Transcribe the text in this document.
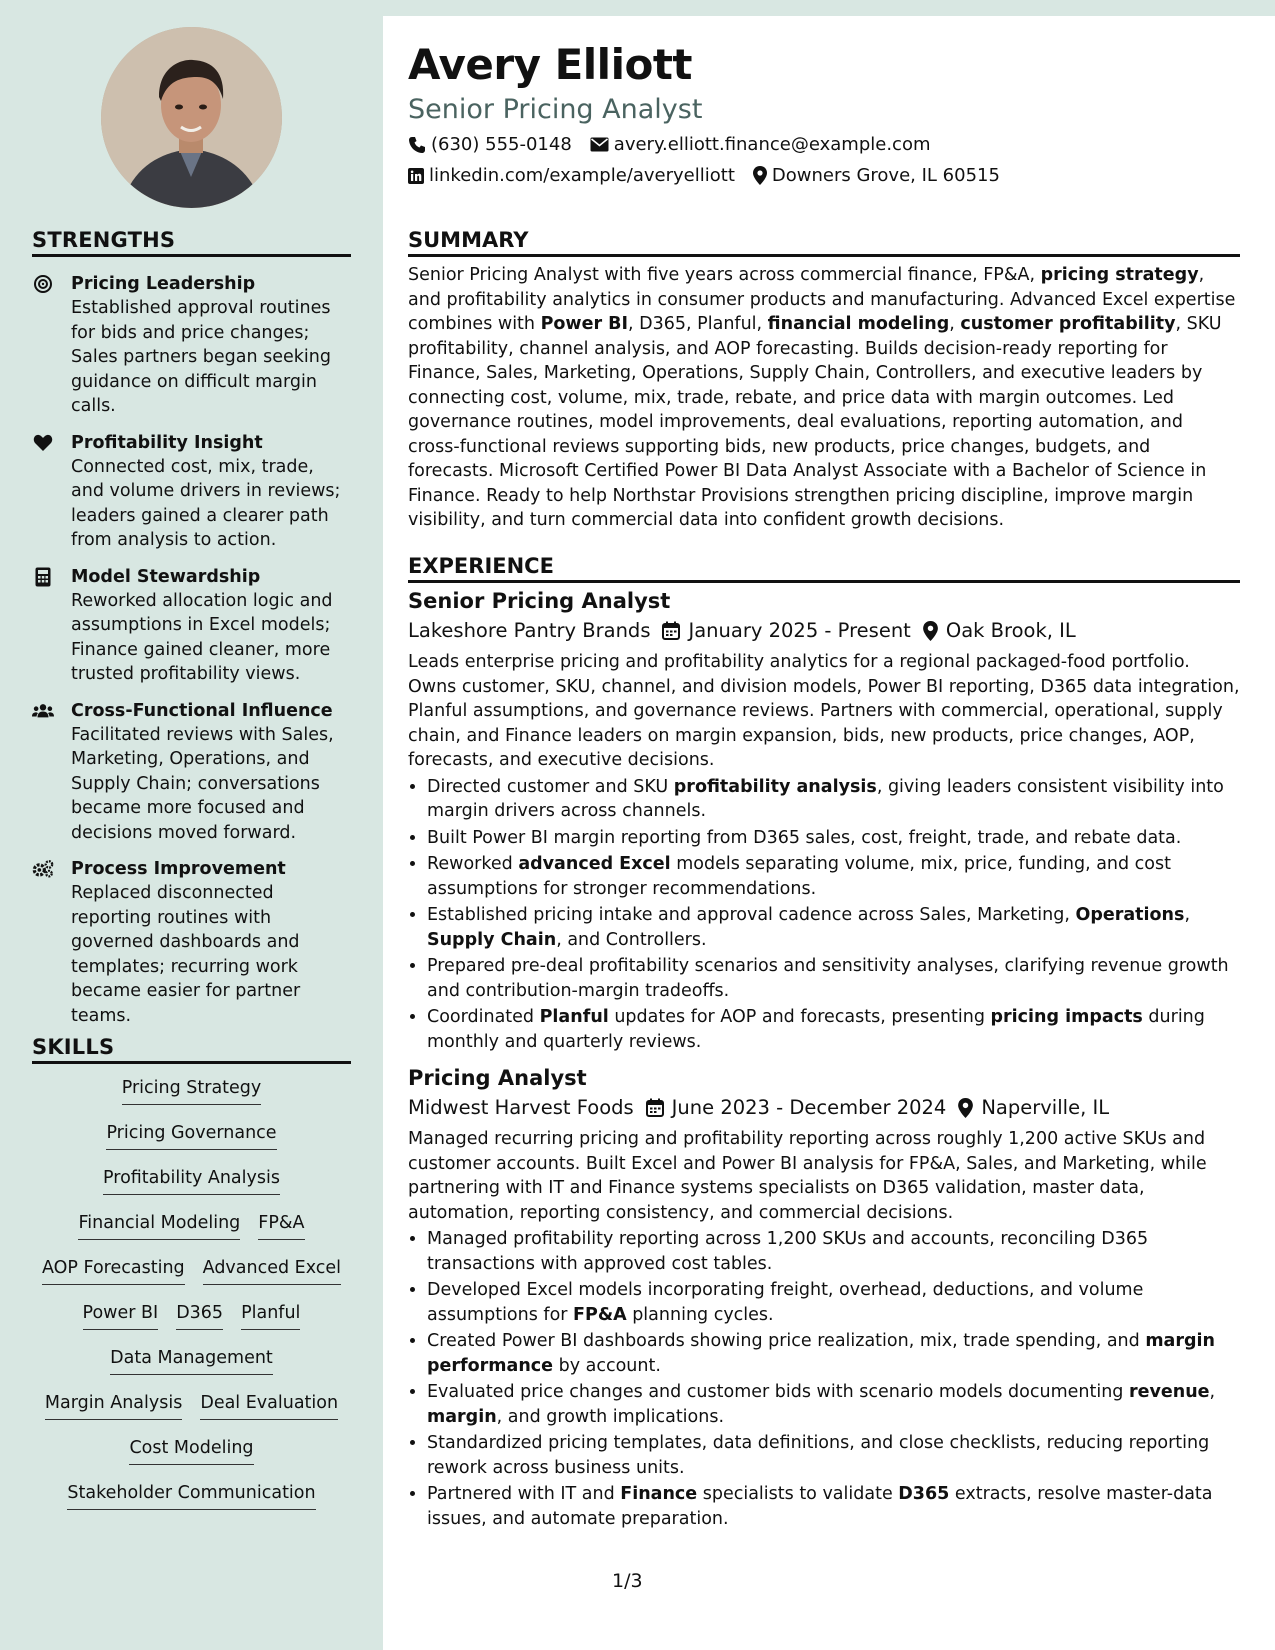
STRENGTHS
Pricing Leadership
Established approval routines for bids and price changes; Sales partners began seeking guidance on difficult margin calls.
Profitability Insight
Connected cost, mix, trade, and volume drivers in reviews; leaders gained a clearer path from analysis to action.
Model Stewardship
Reworked allocation logic and assumptions in Excel models; Finance gained cleaner, more trusted profitability views.
Cross-Functional Influence
Facilitated reviews with Sales, Marketing, Operations, and Supply Chain; conversations became more focused and decisions moved forward.
Process Improvement
Replaced disconnected reporting routines with governed dashboards and templates; recurring work became easier for partner teams.
SKILLS
Pricing Strategy
Pricing Governance
Profitability Analysis
Financial Modeling FP&A
AOP Forecasting Advanced Excel
Power BI D365 Planful
Data Management
Margin Analysis Deal Evaluation
Cost Modeling
Stakeholder Communication
Avery Elliott
Senior Pricing Analyst
(630) 555-0148 avery.elliott.finance@example.com
linkedin.com/example/averyelliott Downers Grove, IL 60515
SUMMARY

Senior Pricing Analyst with five years across commercial finance, FP&A, pricing strategy, and profitability analytics in consumer products and manufacturing. Advanced Excel expertise combines with Power BI, D365, Planful, financial modeling, customer profitability, SKU profitability, channel analysis, and AOP forecasting. Builds decision-ready reporting for Finance, Sales, Marketing, Operations, Supply Chain, Controllers, and executive leaders by connecting cost, volume, mix, trade, rebate, and price data with margin outcomes. Led governance routines, model improvements, deal evaluations, reporting automation, and cross-functional reviews supporting bids, new products, price changes, budgets, and forecasts. Microsoft Certified Power BI Data Analyst Associate with a Bachelor of Science in Finance. Ready to help Northstar Provisions strengthen pricing discipline, improve margin visibility, and turn commercial data into confident growth decisions.

EXPERIENCE
Senior Pricing Analyst
Lakeshore Pantry Brands January 2025 - Present Oak Brook, IL

Leads enterprise pricing and profitability analytics for a regional packaged-food portfolio. Owns customer, SKU, channel, and division models, Power BI reporting, D365 data integration, Planful assumptions, and governance reviews. Partners with commercial, operational, supply chain, and Finance leaders on margin expansion, bids, new products, price changes, AOP, forecasts, and executive decisions.

• Directed customer and SKU profitability analysis, giving leaders consistent visibility into margin drivers across channels.
• Built Power BI margin reporting from D365 sales, cost, freight, trade, and rebate data.
• Reworked advanced Excel models separating volume, mix, price, funding, and cost assumptions for stronger recommendations.
• Established pricing intake and approval cadence across Sales, Marketing, Operations, Supply Chain, and Controllers.
• Prepared pre-deal profitability scenarios and sensitivity analyses, clarifying revenue growth and contribution-margin tradeoffs.
• Coordinated Planful updates for AOP and forecasts, presenting pricing impacts during monthly and quarterly reviews.
Pricing Analyst
Midwest Harvest Foods June 2023 - December 2024 Naperville, IL

Managed recurring pricing and profitability reporting across roughly 1,200 active SKUs and customer accounts. Built Excel and Power BI analysis for FP&A, Sales, and Marketing, while partnering with IT and Finance systems specialists on D365 validation, master data, automation, reporting consistency, and commercial decisions.

• Managed profitability reporting across 1,200 SKUs and accounts, reconciling D365 transactions with approved cost tables.
• Developed Excel models incorporating freight, overhead, deductions, and volume assumptions for FP&A planning cycles.
• Created Power BI dashboards showing price realization, mix, trade spending, and margin performance by account.
• Evaluated price changes and customer bids with scenario models documenting revenue, margin, and growth implications.
• Standardized pricing templates, data definitions, and close checklists, reducing reporting rework across business units.
• Partnered with IT and Finance specialists to validate D365 extracts, resolve master-data issues, and automate preparation.
1/3
